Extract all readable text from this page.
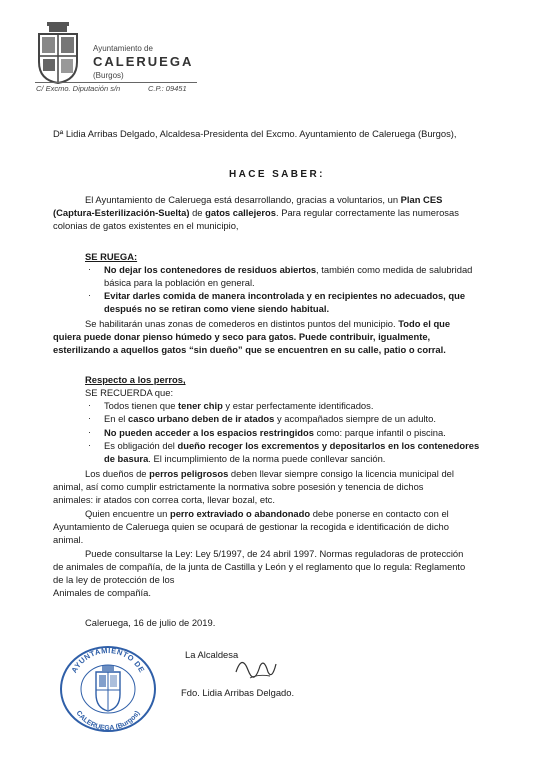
Ayuntamiento de
CALERUEGA
(Burgos)
C/ Excmo. Diputación s/n	C.P.: 09451
Dª Lidia Arribas Delgado, Alcaldesa-Presidenta del Excmo. Ayuntamiento de Caleruega (Burgos),
HACE SABER:
El Ayuntamiento de Caleruega está desarrollando, gracias a voluntarios, un Plan CES
(Captura-Esterilización-Suelta) de gatos callejeros. Para regular correctamente las numerosas
colonias de gatos existentes en el municipio,
SE RUEGA:
· No dejar los contenedores de residuos abiertos, también como medida de salubridad
básica para la población en general.
· Evitar darles comida de manera incontrolada y en recipientes no adecuados, que
después no se retiran como viene siendo habitual.
Se habilitarán unas zonas de comederos en distintos puntos del municipio. Todo el que
quiera puede donar pienso húmedo y seco para gatos. Puede contribuir, igualmente,
esterilizando a aquellos gatos “sin dueño” que se encuentren en su calle, patio o corral.
Respecto a los perros,
SE RECUERDA que:
· Todos tienen que tener chip y estar perfectamente identificados.
· En el casco urbano deben de ir atados y acompañados siempre de un adulto.
· No pueden acceder a los espacios restringidos como: parque infantil o piscina.
· Es obligación del dueño recoger los excrementos y depositarlos en los contenedores
de basura. El incumplimiento de la norma puede conllevar sanción.
Los dueños de perros peligrosos deben llevar siempre consigo la licencia municipal del
animal, así como cumplir estrictamente la normativa sobre posesión y tenencia de dichos
animales: ir atados con correa corta, llevar bozal, etc.
Quien encuentre un perro extraviado o abandonado debe ponerse en contacto con el
Ayuntamiento de Caleruega quien se ocupará de gestionar la recogida e identificación de dicho
animal.
Puede consultarse la Ley: Ley 5/1997, de 24 abril 1997. Normas reguladoras de protección
de animales de compañía, de la junta de Castilla y León y el reglamento que lo regula: Reglamento
de la ley de protección de los
Animales de compañía.
Caleruega, 16 de julio de 2019.
La Alcaldesa
Fdo. Lidia Arribas Delgado.
AYUNTAMIENTO DE
CALERUEGA (Burgos)
